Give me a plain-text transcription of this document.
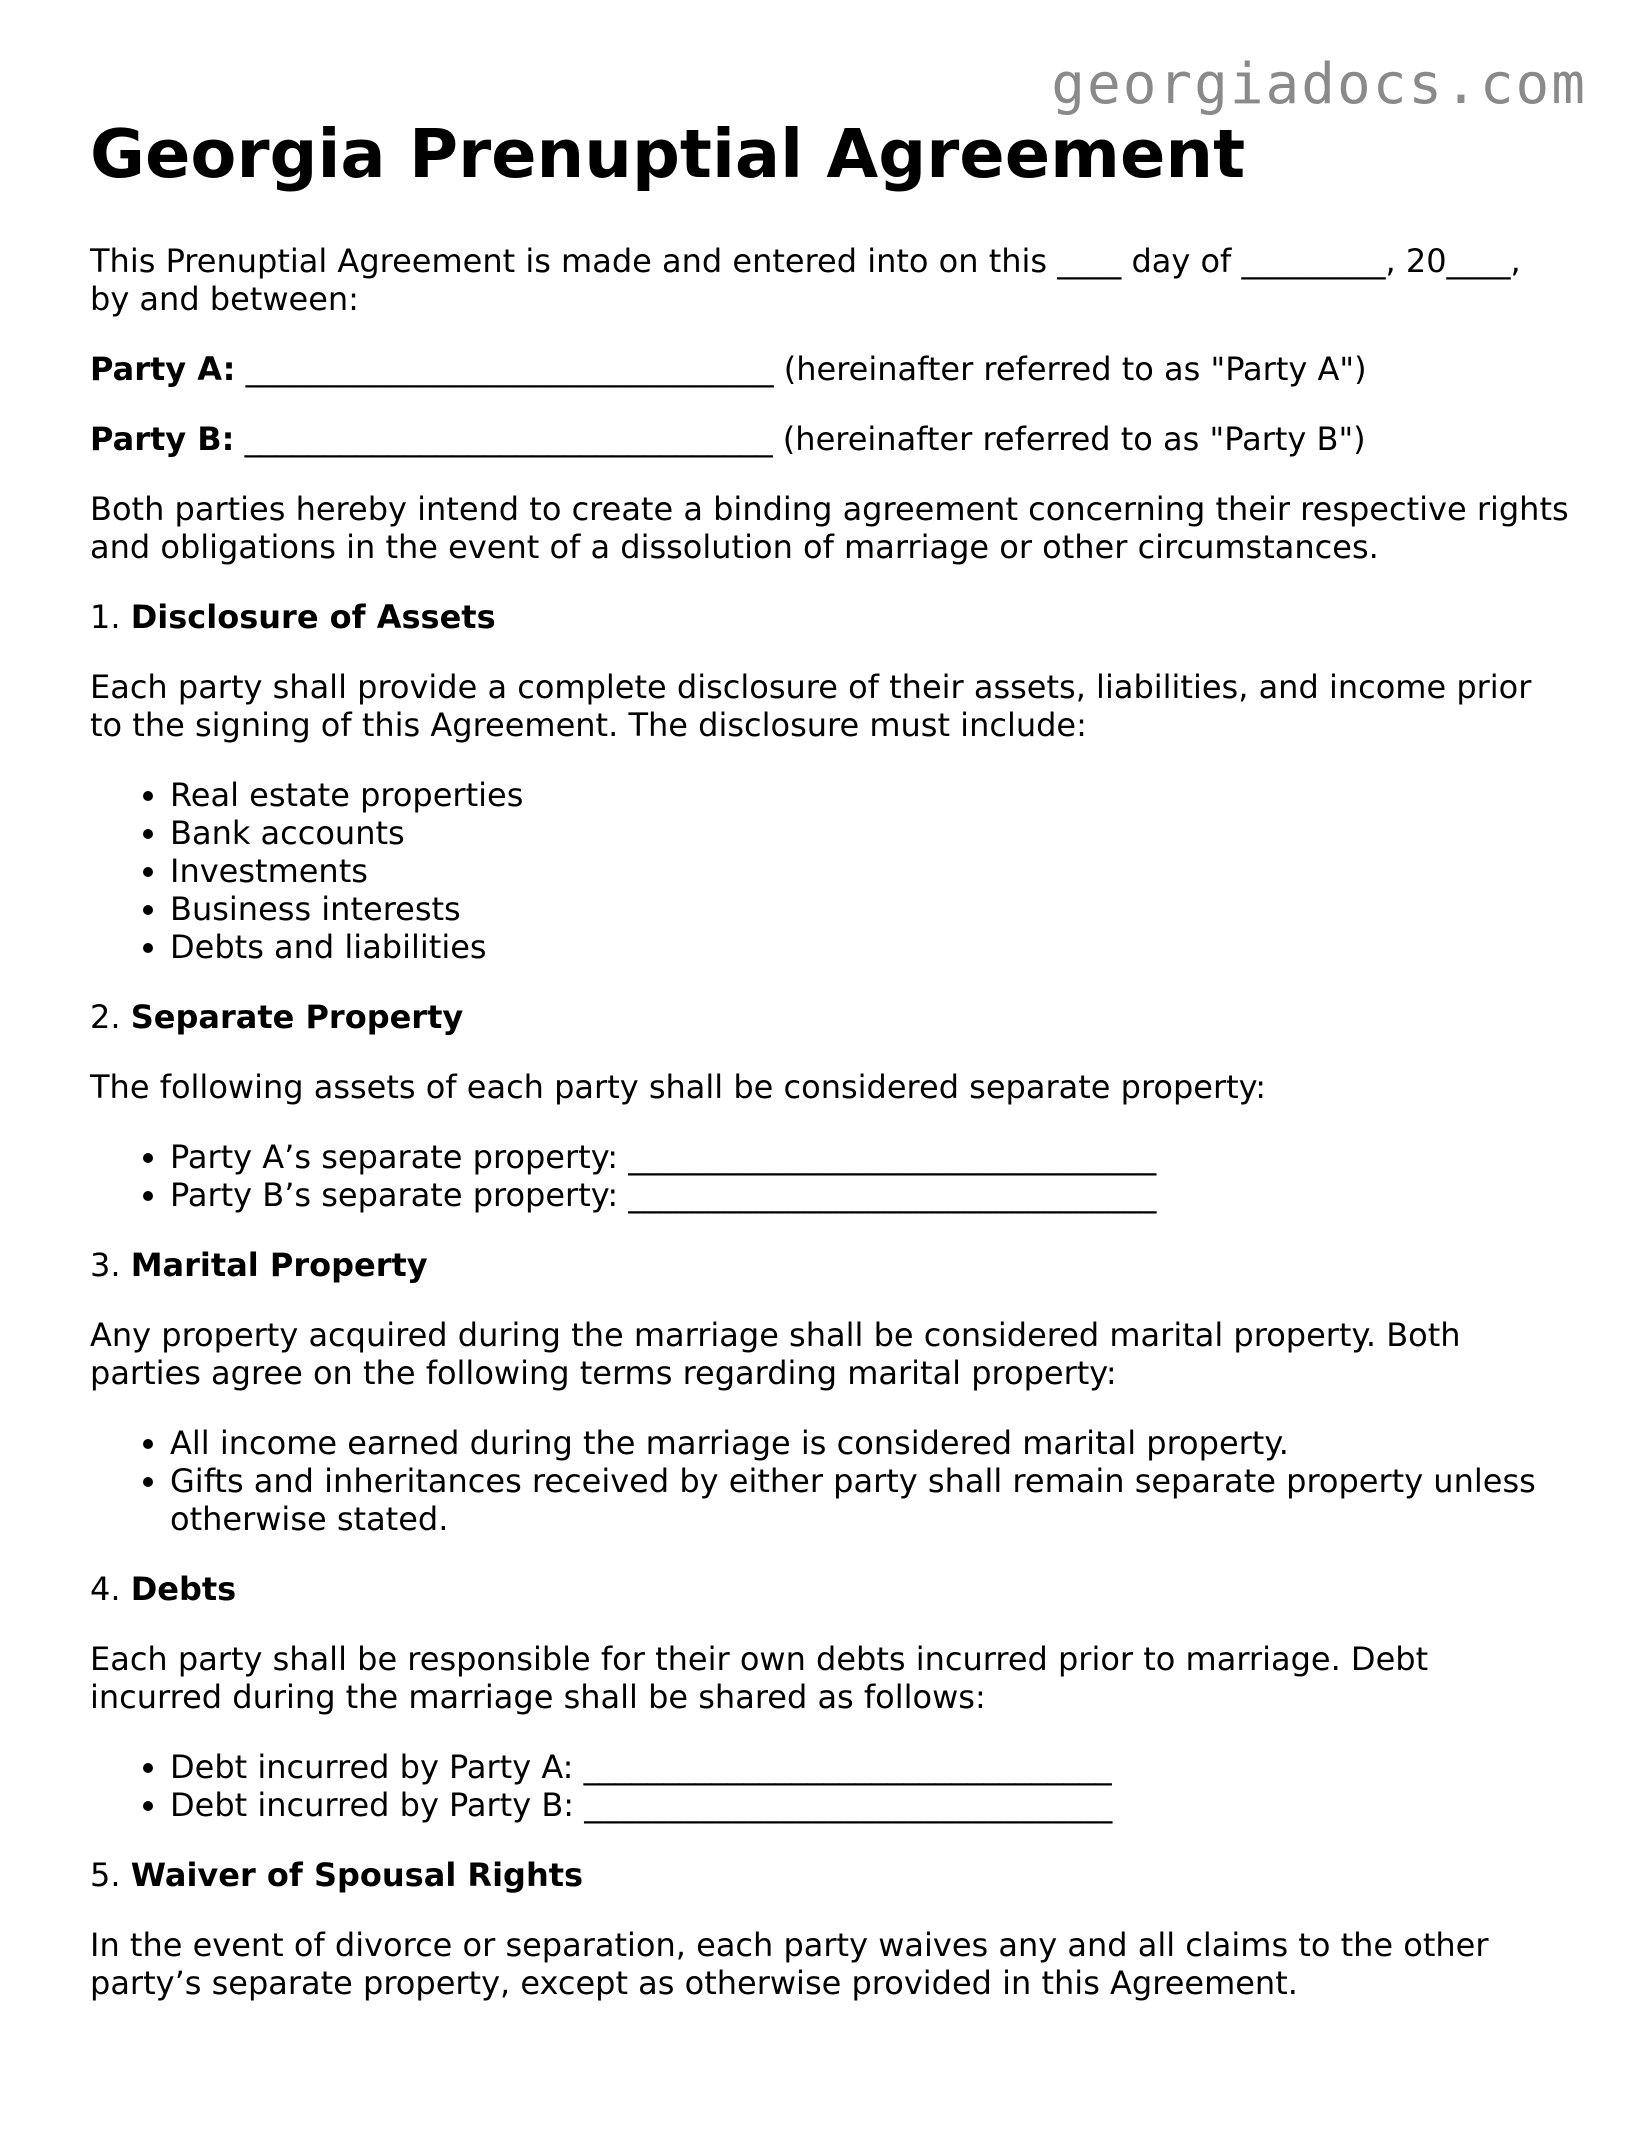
georgiadocs.com
Georgia Prenuptial Agreement

This Prenuptial Agreement is made and entered into on this ____ day of _________, 20____, by and between:

Party A: _________________________________ (hereinafter referred to as "Party A")

Party B: _________________________________ (hereinafter referred to as "Party B")

Both parties hereby intend to create a binding agreement concerning their respective rights and obligations in the event of a dissolution of marriage or other circumstances.

1. Disclosure of Assets

Each party shall provide a complete disclosure of their assets, liabilities, and income prior to the signing of this Agreement. The disclosure must include:

• Real estate properties
• Bank accounts
• Investments
• Business interests
• Debts and liabilities

2. Separate Property

The following assets of each party shall be considered separate property:

• Party A’s separate property: _________________________________
• Party B’s separate property: _________________________________

3. Marital Property

Any property acquired during the marriage shall be considered marital property. Both parties agree on the following terms regarding marital property:

• All income earned during the marriage is considered marital property.
• Gifts and inheritances received by either party shall remain separate property unless otherwise stated.

4. Debts

Each party shall be responsible for their own debts incurred prior to marriage. Debt incurred during the marriage shall be shared as follows:

• Debt incurred by Party A: _________________________________
• Debt incurred by Party B: _________________________________

5. Waiver of Spousal Rights

In the event of divorce or separation, each party waives any and all claims to the other party’s separate property, except as otherwise provided in this Agreement.
